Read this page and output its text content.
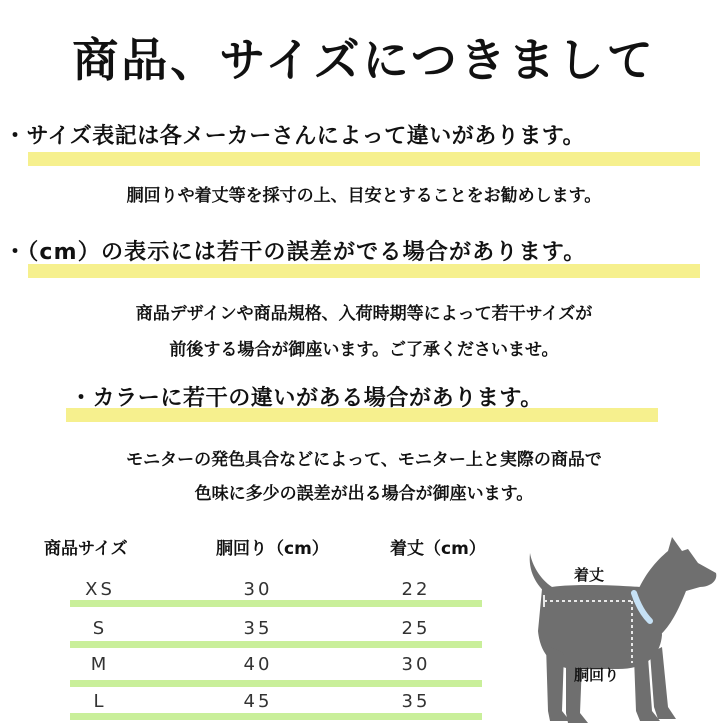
商品、サイズにつきまして
・サイズ表記は各メーカーさんによって違いがあります。
胴回りや着丈等を採寸の上、目安とすることをお勧めします。
・（cm）の表示には若干の誤差がでる場合があります。
商品デザインや商品規格、入荷時期等によって若干サイズが
前後する場合が御座います。ご了承くださいませ。
・カラーに若干の違いがある場合があります。
モニターの発色具合などによって、モニター上と実際の商品で
色味に多少の誤差が出る場合が御座います。
商品サイズ	胴回り（cm）	着丈（cm）
XS	30	22
S	35	25
M	40	30
L	45	35
着丈
胴回り
